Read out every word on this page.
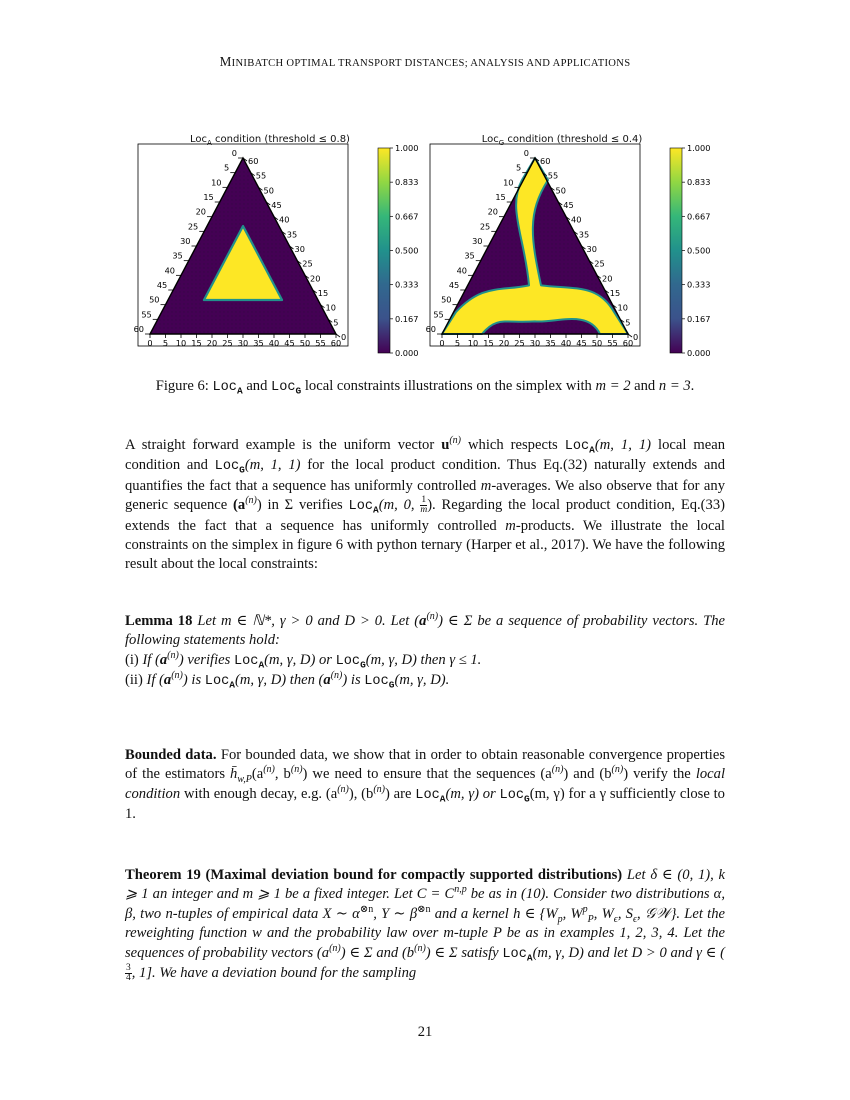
MINIBATCH OPTIMAL TRANSPORT DISTANCES; ANALYSIS AND APPLICATIONS
0 5 10 15 20 25 30 35 40 45 50 55 60
0
5
10
15
20
25
30
35
40
45
50
55
60
0
5
10
15
20
25
30
35
40
45
50
55
60
1.000
0.833
0.667
0.500
0.333
0.167
0.000
0 5 10 15 20 25 30 35 40 45 50 55 60
0
5
10
15
20
25
30
35
40
45
50
55
60
0
5
10
15
20
25
30
35
40
45
50
55
60
1.000
0.833
0.667
0.500
0.333
0.167
0.000
Loc$_A$ condition (threshold ≤ 0.8)	Loc$_G$ condition (threshold ≤ 0.4)
Figure 6: Loc$_A$ and Loc$_G$ local constraints illustrations on the simplex with m = 2 and n = 3.

A straight forward example is the uniform vector $u^{(n)}$ which respects Loc$_A$(m, 1, 1) local mean condition and Loc$_G$(m, 1, 1) for the local product condition. Thus Eq.(32) naturally extends and quantifies the fact that a sequence has uniformly controlled m-averages. We also observe that for any generic sequence $(a^{(n)})$ in Σ verifies Loc$_A$(m, 0, $\frac{1}{m}$ ). Regarding the local product condition, Eq.(33) extends the fact that a sequence has uniformly controlled m-products. We illustrate the local constraints on the simplex in figure 6 with python ternary (Harper et al., 2017). We have the following result about the local constraints:

Lemma 18 Let m ∈ ℕ*, γ > 0 and D > 0. Let $(a^{(n)})$ ∈ Σ be a sequence of probability vectors. The following statements hold:

(i) If $(a^{(n)})$ verifies Loc$_A$(m, γ, D) or Loc$_G$(m, γ, D) then γ ≤ 1.

(ii) If $(a^{(n)})$ is Loc$_A$(m, γ, D) then $(a^{(n)})$ is Loc$_G$(m, γ, D).

Bounded data. For bounded data, we show that in order to obtain reasonable convergence properties of the estimators $h̄_{w,P}(a^{(n)}$, $b^{(n)}$) we need to ensure that the sequences $(a^{(n)})$ and $(b^{(n)})$ verify the local condition with enough decay, e.g. $(a^{(n)})$, $(b^{(n)})$ are Loc$_A$(m, γ) or Loc$_G$(m, γ) for a γ sufficiently close to 1.

Theorem 19 (Maximal deviation bound for compactly supported distributions) Let δ ∈ (0, 1), k ⩾ 1 an integer and m ⩾ 1 be a fixed integer. Let C = C$^{n,p}$ be as in (10). Consider two distributions α, β, two n-tuples of empirical data X ∼ $\alpha^{\otimes n}$, Y ∼ $\beta^{\otimes n}$ and a kernel h ∈ {$W_p$, $W^p_P$, $W_\epsilon$, $S_\epsilon$, 𝒢𝒲}. Let the reweighting function w and the probability law over m-tuple P be as in examples 1, 2, 3, 4. Let the sequences of probability vectors $(a^{(n)})$ ∈ Σ and $(b^{(n)})$ ∈ Σ satisfy Loc$_A$(m, γ, D) and let D > 0 and γ ∈ (
$\frac{3}{4}$ , 1]. We have a deviation bound for the sampling

21
